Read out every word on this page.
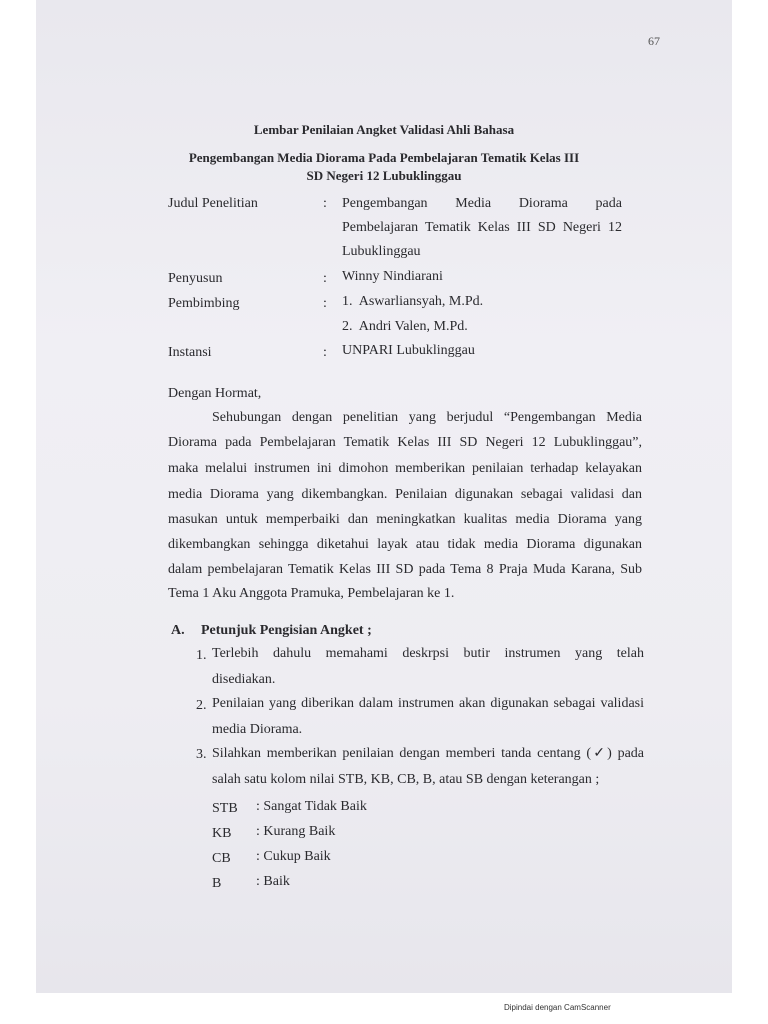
67
Lembar Penilaian Angket Validasi Ahli Bahasa
Pengembangan Media Diorama Pada Pembelajaran Tematik Kelas III
SD Negeri 12 Lubuklinggau
Judul Penelitian	: Pengembangan Media Diorama pada
Pembelajaran Tematik Kelas III SD Negeri 12
Lubuklinggau
Penyusun	: Winny Nindiarani
Pembimbing	: 1.  Aswarliansyah, M.Pd.
2.  Andri Valen, M.Pd.
Instansi	: UNPARI Lubuklinggau
Dengan Hormat,
Sehubungan dengan penelitian yang berjudul “Pengembangan Media
Diorama pada Pembelajaran Tematik Kelas III SD Negeri 12 Lubuklinggau”,
maka melalui instrumen ini dimohon memberikan penilaian terhadap kelayakan
media Diorama yang dikembangkan. Penilaian digunakan sebagai validasi dan
masukan untuk memperbaiki dan meningkatkan kualitas media Diorama yang
dikembangkan sehingga diketahui layak atau tidak media Diorama digunakan
dalam pembelajaran Tematik Kelas III SD pada Tema 8 Praja Muda Karana, Sub
Tema 1 Aku Anggota Pramuka, Pembelajaran ke 1.
A. Petunjuk Pengisian Angket ;
1. Terlebih dahulu memahami deskrpsi butir instrumen yang telah
disediakan.
2. Penilaian yang diberikan dalam instrumen akan digunakan sebagai validasi
media Diorama.
3. Silahkan memberikan penilaian dengan memberi tanda centang (✓) pada
salah satu kolom nilai STB, KB, CB, B, atau SB dengan keterangan ;
STB : Sangat Tidak Baik
KB : Kurang Baik
CB : Cukup Baik
B : Baik
Dipindai dengan CamScanner
